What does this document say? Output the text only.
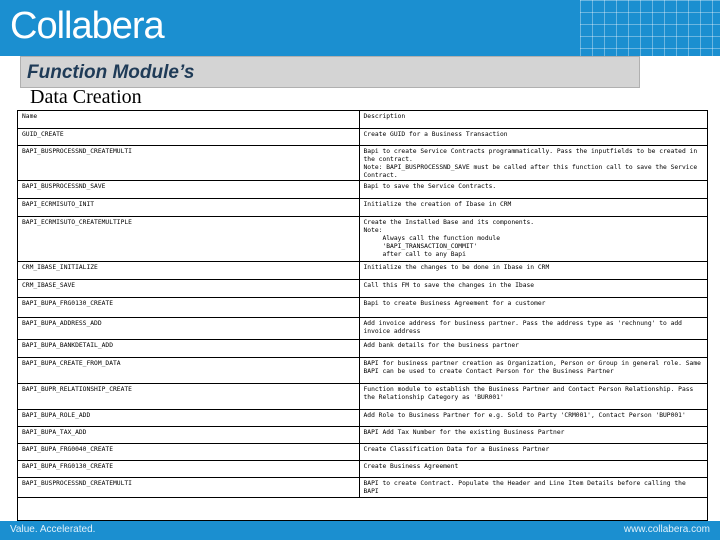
Collabera
Function Module’s
Data Creation
Name	Description
GUID_CREATE	Create GUID for a Business Transaction
BAPI_BUSPROCESSND_CREATEMULTI	Bapi to create Service Contracts programmatically. Pass the inputfields to be created in the contract.
Note: BAPI_BUSPROCESSND_SAVE must be called after this function call to save the Service Contract.
BAPI_BUSPROCESSND_SAVE	Bapi to save the Service Contracts.
BAPI_ECRMISUTO_INIT	Initialize the creation of Ibase in CRM
BAPI_ECRMISUTO_CREATEMULTIPLE	Create the Installed Base and its components.
Note:
Always call the function module
'BAPI_TRANSACTION_COMMIT'
after call to any Bapi
CRM_IBASE_INITIALIZE	Initialize the changes to be done in Ibase in CRM
CRM_IBASE_SAVE	Call this FM to save the changes in the Ibase
BAPI_BUPA_FRG0130_CREATE	Bapi to create Business Agreement for a customer
BAPI_BUPA_ADDRESS_ADD	Add invoice address for business partner. Pass the address type as 'rechnung' to add invoice address
BAPI_BUPA_BANKDETAIL_ADD	Add bank details for the business partner
BAPI_BUPA_CREATE_FROM_DATA	BAPI for business partner creation as Organization, Person or Group in general role. Same BAPI can be used to create Contact Person for the Business Partner
BAPI_BUPR_RELATIONSHIP_CREATE	Function module to establish the Business Partner and Contact Person Relationship. Pass the Relationship Category as 'BUR001'
BAPI_BUPA_ROLE_ADD	Add Role to Business Partner for e.g. Sold to Party 'CRM001', Contact Person 'BUP001'
BAPI_BUPA_TAX_ADD	BAPI Add Tax Number for the existing Business Partner
BAPI_BUPA_FRG0040_CREATE	Create Classification Data for a Business Partner
BAPI_BUPA_FRG0130_CREATE	Create Business Agreement
BAPI_BUSPROCESSND_CREATEMULTI	BAPI to create Contract. Populate the Header and Line Item Details before calling the BAPI
Value. Accelerated.	www.collabera.com
